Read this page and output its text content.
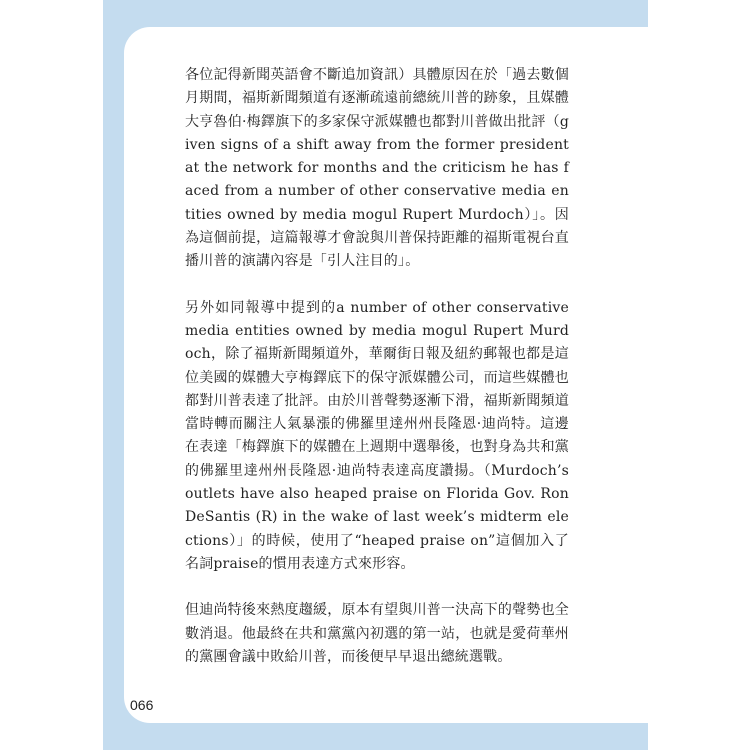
各位記得新聞英語會不斷追加資訊）具體原因在於「過去數個月期間，福斯新聞頻道有逐漸疏遠前總統川普的跡象，且媒體大亨魯伯·梅鐸旗下的多家保守派媒體也都對川普做出批評（given signs of a shift away from the former president at the network for months and the criticism he has faced from a number of other conservative media entities owned by media mogul Rupert Murdoch）」。因為這個前提，這篇報導才會說與川普保持距離的福斯電視台直播川普的演講內容是「引人注目的」。

另外如同報導中提到的a number of other conservative media entities owned by media mogul Rupert Murdoch，除了福斯新聞頻道外，華爾街日報及紐約郵報也都是這位美國的媒體大亨梅鐸底下的保守派媒體公司，而這些媒體也都對川普表達了批評。由於川普聲勢逐漸下滑，福斯新聞頻道當時轉而關注人氣暴漲的佛羅里達州州長隆恩·迪尚特。這邊在表達「梅鐸旗下的媒體在上週期中選舉後，也對身為共和黨的佛羅里達州州長隆恩·迪尚特表達高度讚揚。（Murdoch’s outlets have also heaped praise on Florida Gov. Ron DeSantis (R) in the wake of last week’s midterm elections）」的時候，使用了“heaped praise on”這個加入了名詞praise的慣用表達方式來形容。

但迪尚特後來熱度趨緩，原本有望與川普一決高下的聲勢也全數消退。他最終在共和黨黨內初選的第一站，也就是愛荷華州的黨團會議中敗給川普，而後便早早退出總統選戰。

066
